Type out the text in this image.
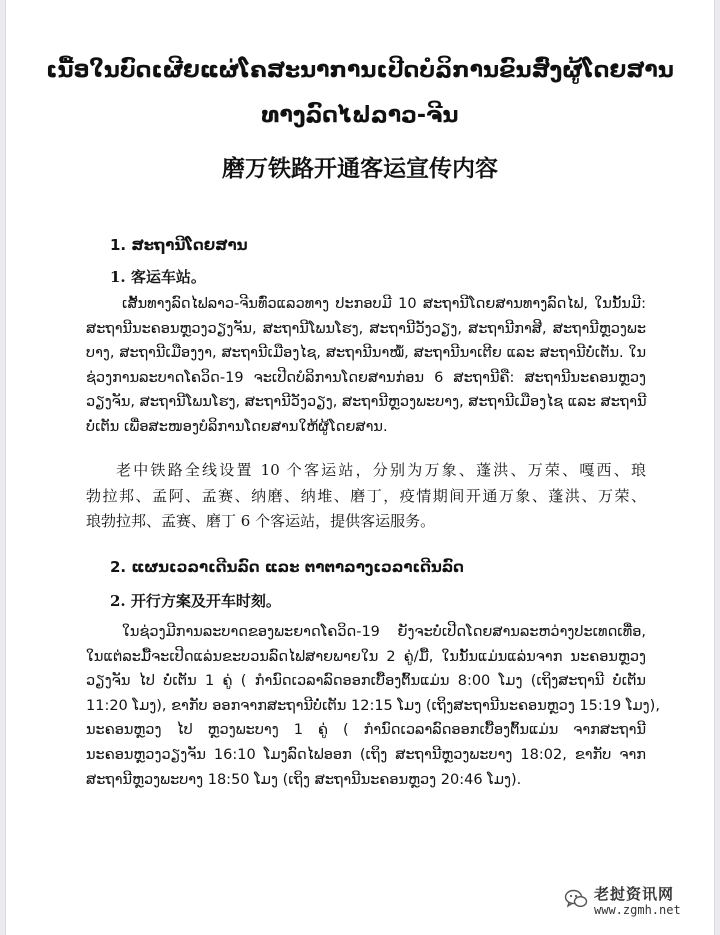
ເນື້ອໃນບົດເຜີຍແຜ່ໂຄສະນາການເປີດບໍລິການຂົນສົ່ງຜູ້ໂດຍສານ
ທາງລົດໄຟລາວ-ຈີນ
磨万铁路开通客运宣传内容
1. ສະຖານີໂດຍສານ
1. 客运车站。
ເສັ້ນທາງລົດໄຟລາວ-ຈີນທົ່ວແລວທາງ ປະກອບມີ 10 ສະຖານີໂດຍສານທາງລົດໄຟ, ໃນນັ້ນມີ:
ສະຖານີນະຄອນຫຼວງວຽງຈັນ, ສະຖານີໂພນໂຮງ, ສະຖານີວັງວຽງ, ສະຖານີກາສີ, ສະຖານີຫຼວງພະ
ບາງ, ສະຖານີເມືອງງາ, ສະຖານີເມືອງໄຊ, ສະຖານີນາໝໍ້, ສະຖານີນາເຕີຍ ແລະ ສະຖານີບໍ່ເຕັນ. ໃນ
ຊ່ວງການລະບາດໂຄວິດ-19 ຈະເປີດບໍລິການໂດຍສານກ່ອນ 6 ສະຖານີຄື: ສະຖານີນະຄອນຫຼວງ
ວຽງຈັນ, ສະຖານີໂພນໂຮງ, ສະຖານີວັງວຽງ, ສະຖານີຫຼວງພະບາງ, ສະຖານີເມືອງໄຊ ແລະ ສະຖານີ
ບໍ່ເຕັນ ເພື່ອສະໜອງບໍລິການໂດຍສານໃຫ້ຜູ້ໂດຍສານ.
老中铁路全线设置 10 个客运站，分别为万象、蓬洪、万荣、嘎西、琅
勃拉邦、孟阿、孟赛、纳磨、纳堆、磨丁，疫情期间开通万象、蓬洪、万荣、
琅勃拉邦、孟赛、磨丁 6 个客运站，提供客运服务。
2. ແຜນເວລາເດີນລົດ ແລະ ຕາຕາລາງເວລາເດີນລົດ
2. 开行方案及开车时刻。
ໃນຊ່ວງມີການລະບາດຂອງພະຍາດໂຄວິດ-19 ຍັງຈະບໍ່ເປີດໂດຍສານລະຫວ່າງປະເທດເທື່ອ,
ໃນແຕ່ລະມື້ຈະເປີດແລ່ນຂະບວນລົດໄຟສາຍພາຍໃນ 2 ຄູ່/ມື້, ໃນນັ້ນແມ່ນແລ່ນຈາກ ນະຄອນຫຼວງ
ວຽງຈັນ ໄປ ບໍ່ເຕັນ 1 ຄູ່ ( ກຳນົດເວລາລົດອອກເບື້ອງຕົ້ນແມ່ນ 8:00 ໂມງ (ເຖິງສະຖານີ ບໍ່ເຕັນ
11:20 ໂມງ), ຂາກັບ ອອກຈາກສະຖານີບໍ່ເຕັນ 12:15 ໂມງ (ເຖິງສະຖານີນະຄອນຫຼວງ 15:19 ໂມງ),
ນະຄອນຫຼວງ ໄປ ຫຼວງພະບາງ 1 ຄູ່ ( ກຳນົດເວລາລົດອອກເບື້ອງຕົ້ນແມ່ນ ຈາກສະຖານີ
ນະຄອນຫຼວງວຽງຈັນ 16:10 ໂມງລົດໄຟອອກ (ເຖິງ ສະຖານີຫຼວງພະບາງ 18:02, ຂາກັບ ຈາກ
ສະຖານີຫຼວງພະບາງ 18:50 ໂມງ (ເຖິງ ສະຖານີນະຄອນຫຼວງ 20:46 ໂມງ).
老挝资讯网
www.zgmh.net
